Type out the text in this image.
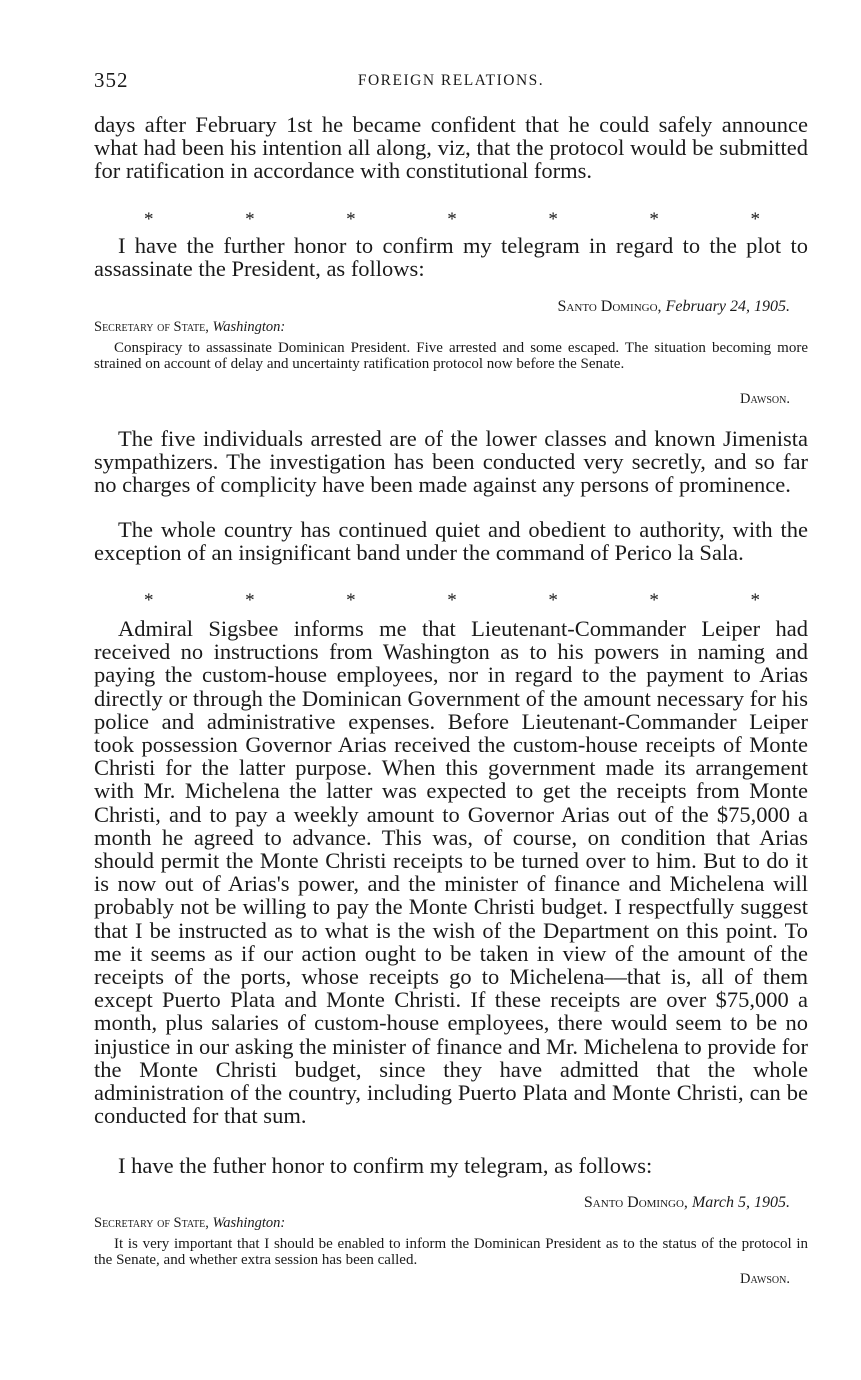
352	FOREIGN RELATIONS.

days after February 1st he became confident that he could safely announce what had been his intention all along, viz, that the protocol would be submitted for ratification in accordance with constitutional forms.

*	*	*	*	*	*	*

I have the further honor to confirm my telegram in regard to the plot to assassinate the President, as follows:

Santo Domingo, February 24, 1905.
Secretary of State, Washington:

Conspiracy to assassinate Dominican President. Five arrested and some escaped. The situation becoming more strained on account of delay and uncertainty ratification protocol now before the Senate.

Dawson.

The five individuals arrested are of the lower classes and known Jimenista sympathizers. The investigation has been conducted very secretly, and so far no charges of complicity have been made against any persons of prominence.

The whole country has continued quiet and obedient to authority, with the exception of an insignificant band under the command of Perico la Sala.

*	*	*	*	*	*	*

Admiral Sigsbee informs me that Lieutenant-Commander Leiper had received no instructions from Washington as to his powers in naming and paying the custom-house employees, nor in regard to the payment to Arias directly or through the Dominican Government of the amount necessary for his police and administrative expenses. Before Lieutenant-Commander Leiper took possession Governor Arias received the custom-house receipts of Monte Christi for the latter purpose. When this government made its arrangement with Mr. Michelena the latter was expected to get the receipts from Monte Christi, and to pay a weekly amount to Governor Arias out of the $75,000 a month he agreed to advance. This was, of course, on condition that Arias should permit the Monte Christi receipts to be turned over to him. But to do it is now out of Arias's power, and the minister of finance and Michelena will probably not be willing to pay the Monte Christi budget. I respectfully suggest that I be instructed as to what is the wish of the Department on this point. To me it seems as if our action ought to be taken in view of the amount of the receipts of the ports, whose receipts go to Michelena—that is, all of them except Puerto Plata and Monte Christi. If these receipts are over $75,000 a month, plus salaries of custom-house employees, there would seem to be no injustice in our asking the minister of finance and Mr. Michelena to provide for the Monte Christi budget, since they have admitted that the whole administration of the country, including Puerto Plata and Monte Christi, can be conducted for that sum.

I have the futher honor to confirm my telegram, as follows:

Santo Domingo, March 5, 1905.
Secretary of State, Washington:

It is very important that I should be enabled to inform the Dominican President as to the status of the protocol in the Senate, and whether extra session has been called.

Dawson.
